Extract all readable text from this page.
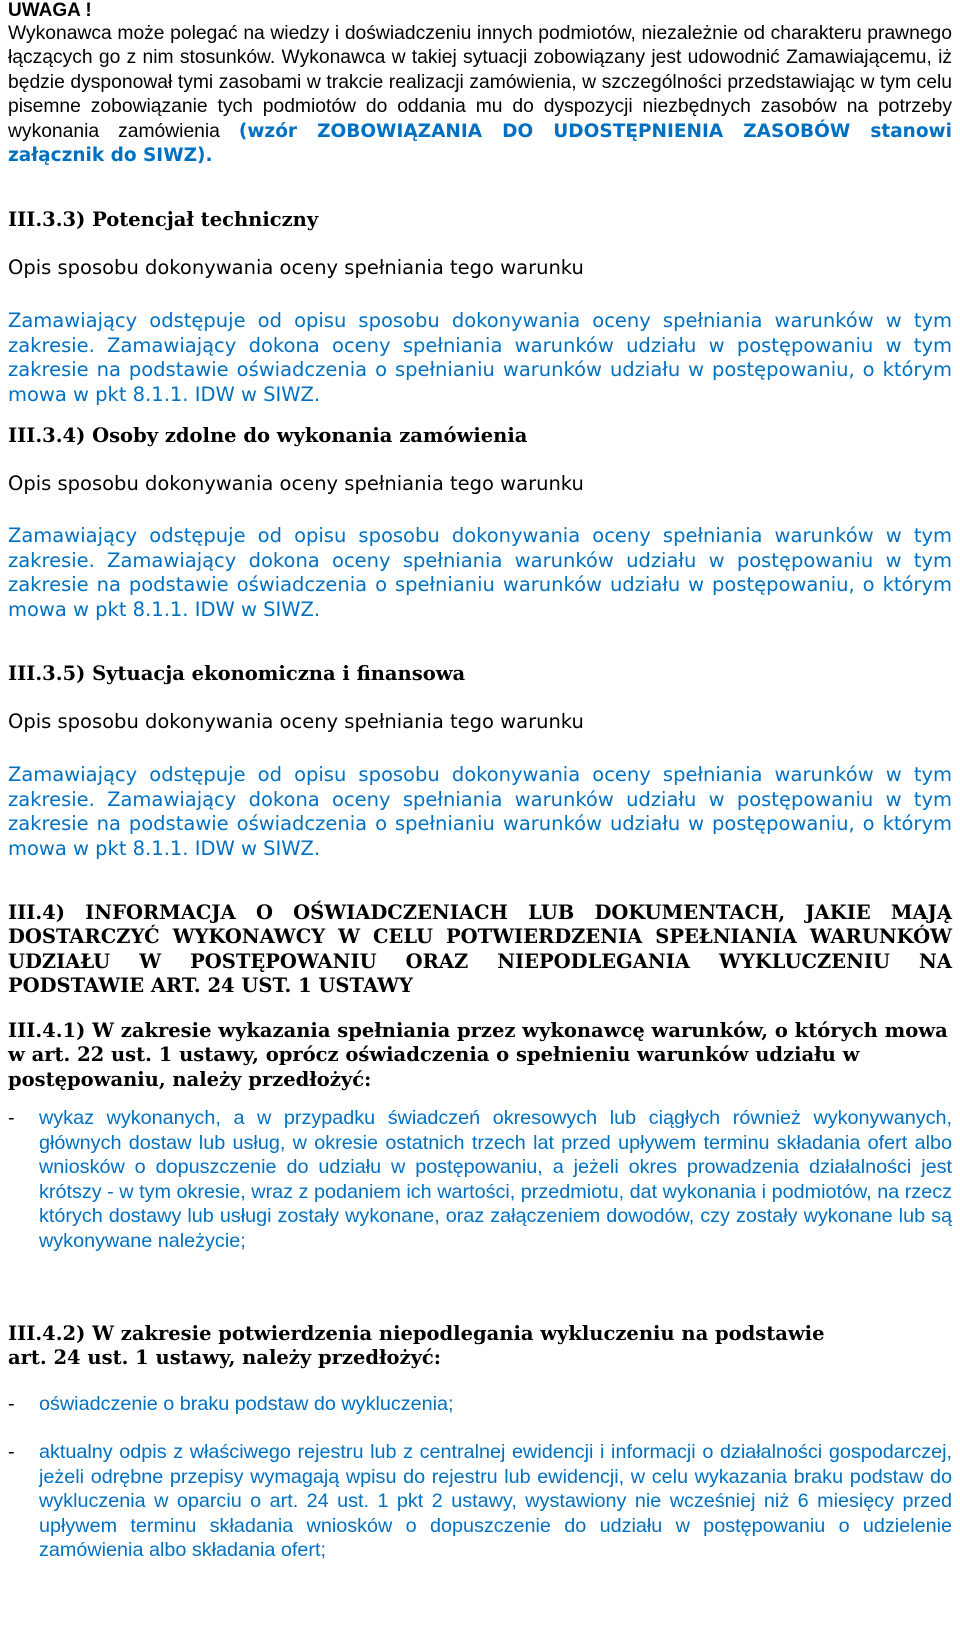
UWAGA !

Wykonawca może polegać na wiedzy i doświadczeniu innych podmiotów, niezależnie od charakteru prawnego łączących go z nim stosunków. Wykonawca w takiej sytuacji zobowiązany jest udowodnić Zamawiającemu, iż będzie dysponował tymi zasobami w trakcie realizacji zamówienia, w szczególności przedstawiając w tym celu pisemne zobowiązanie tych podmiotów do oddania mu do dyspozycji niezbędnych zasobów na potrzeby wykonania zamówienia (wzór ZOBOWIĄZANIA DO UDOSTĘPNIENIA ZASOBÓW stanowi załącznik do SIWZ).

III.3.3) Potencjał techniczny

Opis sposobu dokonywania oceny spełniania tego warunku

Zamawiający odstępuje od opisu sposobu dokonywania oceny spełniania warunków w tym zakresie. Zamawiający dokona oceny spełniania warunków udziału w postępowaniu w tym zakresie na podstawie oświadczenia o spełnianiu warunków udziału w postępowaniu, o którym mowa w pkt 8.1.1. IDW w SIWZ.

III.3.4) Osoby zdolne do wykonania zamówienia

Opis sposobu dokonywania oceny spełniania tego warunku

Zamawiający odstępuje od opisu sposobu dokonywania oceny spełniania warunków w tym zakresie. Zamawiający dokona oceny spełniania warunków udziału w postępowaniu w tym zakresie na podstawie oświadczenia o spełnianiu warunków udziału w postępowaniu, o którym mowa w pkt 8.1.1. IDW w SIWZ.

III.3.5) Sytuacja ekonomiczna i finansowa

Opis sposobu dokonywania oceny spełniania tego warunku

Zamawiający odstępuje od opisu sposobu dokonywania oceny spełniania warunków w tym zakresie. Zamawiający dokona oceny spełniania warunków udziału w postępowaniu w tym zakresie na podstawie oświadczenia o spełnianiu warunków udziału w postępowaniu, o którym mowa w pkt 8.1.1. IDW w SIWZ.

III.4) INFORMACJA O OŚWIADCZENIACH LUB DOKUMENTACH, JAKIE MAJĄ DOSTARCZYĆ WYKONAWCY W CELU POTWIERDZENIA SPEŁNIANIA WARUNKÓW UDZIAŁU W POSTĘPOWANIU ORAZ NIEPODLEGANIA WYKLUCZENIU NA PODSTAWIE ART. 24 UST. 1 USTAWY

III.4.1) W zakresie wykazania spełniania przez wykonawcę warunków, o których mowa w art. 22 ust. 1 ustawy, oprócz oświadczenia o spełnieniu warunków udziału w postępowaniu, należy przedłożyć:

- wykaz wykonanych, a w przypadku świadczeń okresowych lub ciągłych również wykonywanych, głównych dostaw lub usług, w okresie ostatnich trzech lat przed upływem terminu składania ofert albo wniosków o dopuszczenie do udziału w postępowaniu, a jeżeli okres prowadzenia działalności jest krótszy - w tym okresie, wraz z podaniem ich wartości, przedmiotu, dat wykonania i podmiotów, na rzecz których dostawy lub usługi zostały wykonane, oraz załączeniem dowodów, czy zostały wykonane lub są wykonywane należycie;

III.4.2) W zakresie potwierdzenia niepodlegania wykluczeniu na podstawie art. 24 ust. 1 ustawy, należy przedłożyć:

- oświadczenie o braku podstaw do wykluczenia;

- aktualny odpis z właściwego rejestru lub z centralnej ewidencji i informacji o działalności gospodarczej, jeżeli odrębne przepisy wymagają wpisu do rejestru lub ewidencji, w celu wykazania braku podstaw do wykluczenia w oparciu o art. 24 ust. 1 pkt 2 ustawy, wystawiony nie wcześniej niż 6 miesięcy przed upływem terminu składania wniosków o dopuszczenie do udziału w postępowaniu o udzielenie zamówienia albo składania ofert;
